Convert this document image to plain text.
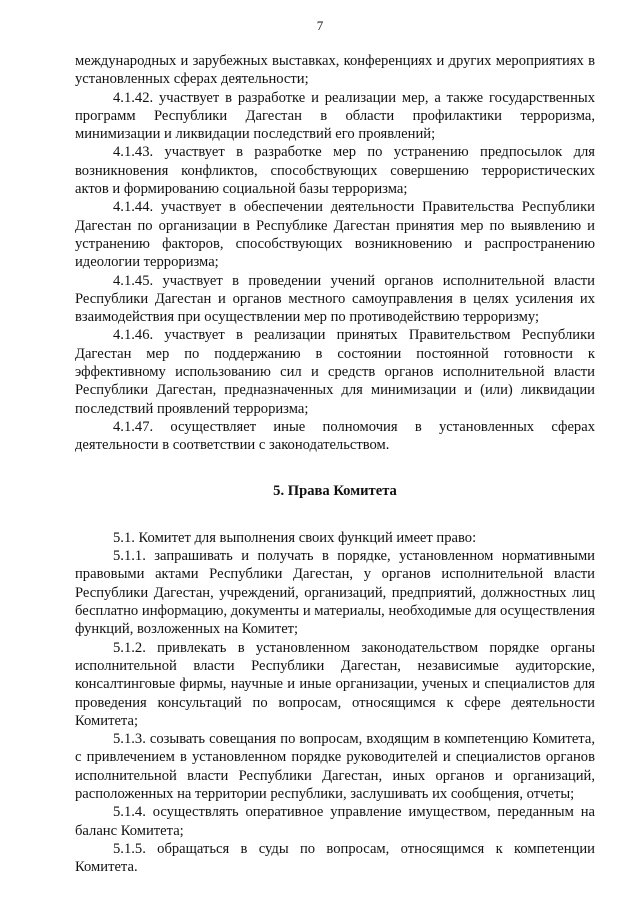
7

международных и зарубежных выставках, конференциях и других мероприятиях в установленных сферах деятельности;

4.1.42. участвует в разработке и реализации мер, а также государственных программ Республики Дагестан в области профилактики терроризма, минимизации и ликвидации последствий его проявлений;

4.1.43. участвует в разработке мер по устранению предпосылок для возникновения конфликтов, способствующих совершению террористических актов и формированию социальной базы терроризма;

4.1.44. участвует в обеспечении деятельности Правительства Республики Дагестан по организации в Республике Дагестан принятия мер по выявлению и устранению факторов, способствующих возникновению и распространению идеологии терроризма;

4.1.45. участвует в проведении учений органов исполнительной власти Республики Дагестан и органов местного самоуправления в целях усиления их взаимодействия при осуществлении мер по противодействию терроризму;

4.1.46. участвует в реализации принятых Правительством Республики Дагестан мер по поддержанию в состоянии постоянной готовности к эффективному использованию сил и средств органов исполнительной власти Республики Дагестан, предназначенных для минимизации и (или) ликвидации последствий проявлений терроризма;

4.1.47. осуществляет иные полномочия в установленных сферах деятельности в соответствии с законодательством.

5. Права Комитета

5.1. Комитет для выполнения своих функций имеет право:

5.1.1. запрашивать и получать в порядке, установленном нормативными правовыми актами Республики Дагестан, у органов исполнительной власти Республики Дагестан, учреждений, организаций, предприятий, должностных лиц бесплатно информацию, документы и материалы, необходимые для осуществления функций, возложенных на Комитет;

5.1.2. привлекать в установленном законодательством порядке органы исполнительной власти Республики Дагестан, независимые аудиторские, консалтинговые фирмы, научные и иные организации, ученых и специалистов для проведения консультаций по вопросам, относящимся к сфере деятельности Комитета;

5.1.3. созывать совещания по вопросам, входящим в компетенцию Комитета, с привлечением в установленном порядке руководителей и специалистов органов исполнительной власти Республики Дагестан, иных органов и организаций, расположенных на территории республики, заслушивать их сообщения, отчеты;

5.1.4. осуществлять оперативное управление имуществом, переданным на баланс Комитета;

5.1.5. обращаться в суды по вопросам, относящимся к компетенции Комитета.
